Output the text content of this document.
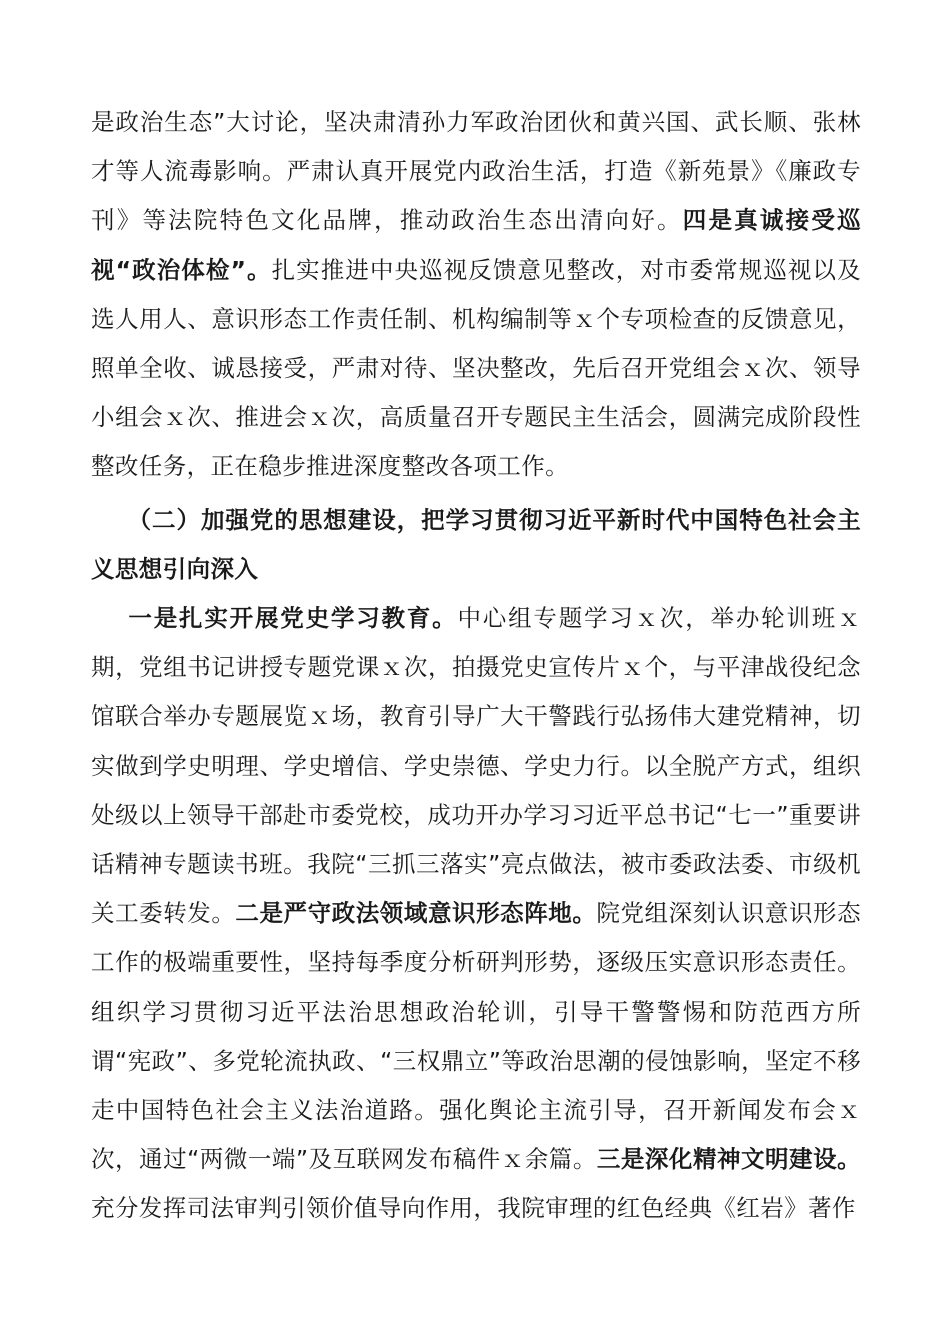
是政治生态”大讨论，坚决肃清孙力军政治团伙和黄兴国、武长顺、张林才等人流毒影响。严肃认真开展党内政治生活，打造《新苑景》《廉政专刊》等法院特色文化品牌，推动政治生态出清向好。四是真诚接受巡视“政治体检”。扎实推进中央巡视反馈意见整改，对市委常规巡视以及选人用人、意识形态工作责任制、机构编制等ｘ个专项检查的反馈意见，照单全收、诚恳接受，严肃对待、坚决整改，先后召开党组会ｘ次、领导小组会ｘ次、推进会ｘ次，高质量召开专题民主生活会，圆满完成阶段性整改任务，正在稳步推进深度整改各项工作。

（二）加强党的思想建设，把学习贯彻习近平新时代中国特色社会主义思想引向深入

一是扎实开展党史学习教育。中心组专题学习ｘ次，举办轮训班ｘ期，党组书记讲授专题党课ｘ次，拍摄党史宣传片ｘ个，与平津战役纪念馆联合举办专题展览ｘ场，教育引导广大干警践行弘扬伟大建党精神，切实做到学史明理、学史增信、学史崇德、学史力行。以全脱产方式，组织处级以上领导干部赴市委党校，成功开办学习习近平总书记“七一”重要讲话精神专题读书班。我院“三抓三落实”亮点做法，被市委政法委、市级机关工委转发。二是严守政法领域意识形态阵地。院党组深刻认识意识形态工作的极端重要性，坚持每季度分析研判形势，逐级压实意识形态责任。组织学习贯彻习近平法治思想政治轮训，引导干警警惕和防范西方所谓“宪政”、多党轮流执政、“三权鼎立”等政治思潮的侵蚀影响，坚定不移走中国特色社会主义法治道路。强化舆论主流引导，召开新闻发布会ｘ次，通过“两微一端”及互联网发布稿件ｘ余篇。三是深化精神文明建设。充分发挥司法审判引领价值导向作用，我院审理的红色经典《红岩》著作
